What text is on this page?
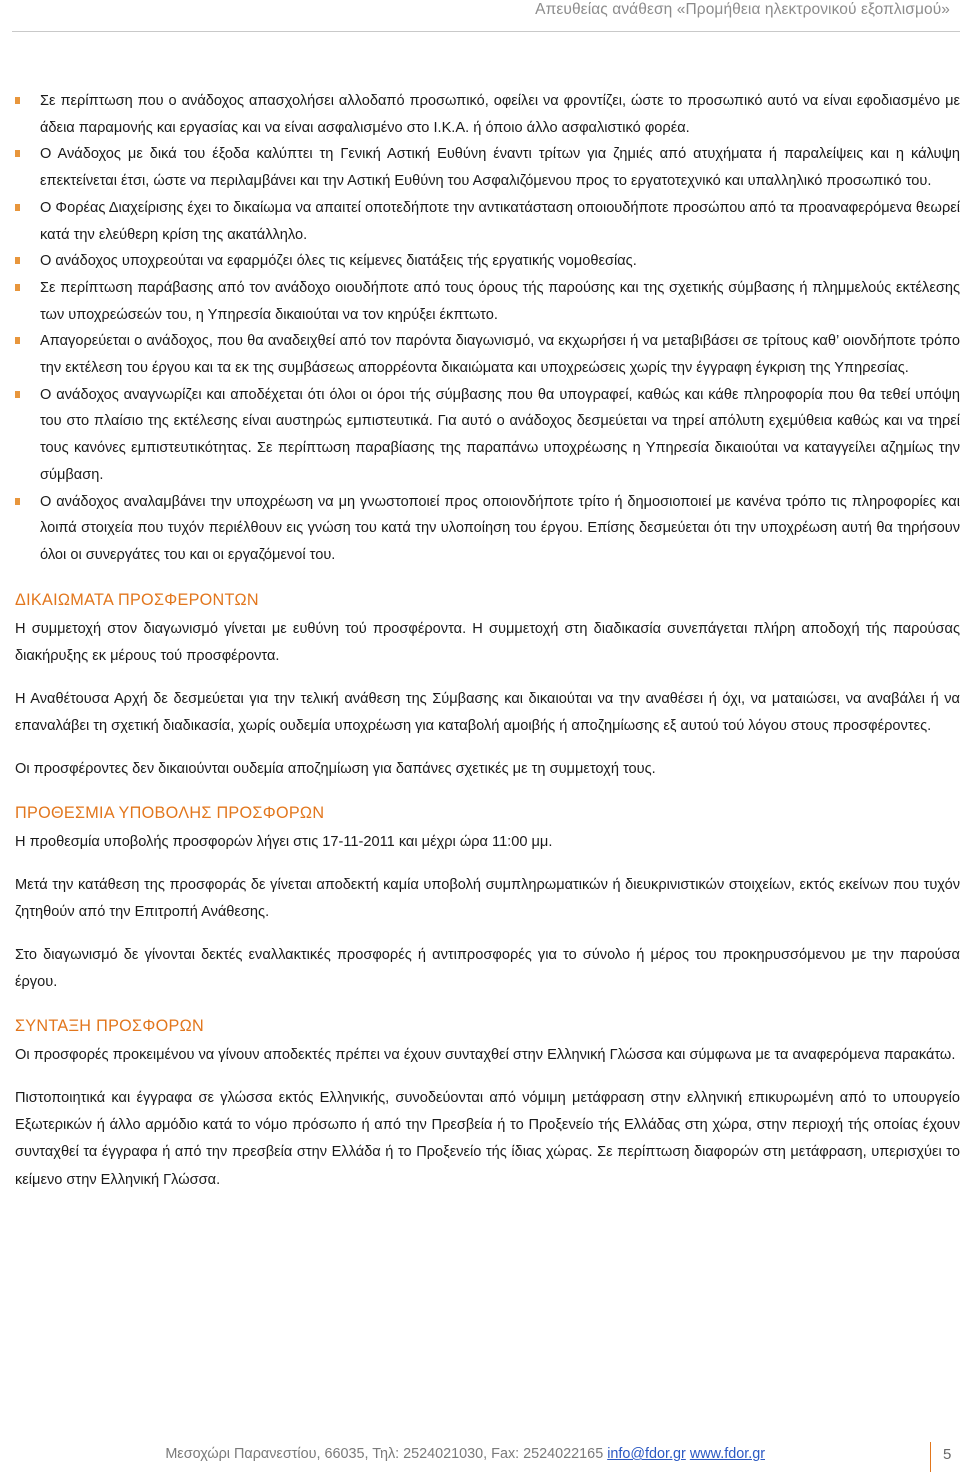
Απευθείας ανάθεση «Προμήθεια ηλεκτρονικού εξοπλισμού»
Σε περίπτωση που ο ανάδοχος απασχολήσει αλλοδαπό προσωπικό, οφείλει να φροντίζει, ώστε το προσωπικό αυτό να είναι εφοδιασμένο με άδεια παραμονής και εργασίας και να είναι ασφαλισμένο στο Ι.Κ.Α. ή όποιο άλλο ασφαλιστικό φορέα.
Ο Ανάδοχος με δικά του έξοδα καλύπτει τη Γενική Αστική Ευθύνη έναντι τρίτων για ζημιές από ατυχήματα ή παραλείψεις και η κάλυψη επεκτείνεται έτσι, ώστε να περιλαμβάνει και την Αστική Ευθύνη του Ασφαλιζόμενου προς το εργατοτεχνικό και υπαλληλικό προσωπικό του.
Ο Φορέας Διαχείρισης έχει το δικαίωμα να απαιτεί οποτεδήποτε την αντικατάσταση οποιουδήποτε προσώπου από τα προαναφερόμενα θεωρεί κατά την ελεύθερη κρίση της ακατάλληλο.
Ο ανάδοχος υποχρεούται να εφαρμόζει όλες τις κείμενες διατάξεις τής εργατικής νομοθεσίας.
Σε περίπτωση παράβασης από τον ανάδοχο οιουδήποτε από τους όρους τής παρούσης και της σχετικής σύμβασης ή πλημμελούς εκτέλεσης των υποχρεώσεών του, η Υπηρεσία δικαιούται να τον κηρύξει έκπτωτο.
Απαγορεύεται ο ανάδοχος, που θα αναδειχθεί από τον παρόντα διαγωνισμό, να εκχωρήσει ή να μεταβιβάσει σε τρίτους καθ’ οιονδήποτε τρόπο την εκτέλεση του έργου και τα εκ της συμβάσεως απορρέοντα δικαιώματα και υποχρεώσεις χωρίς την έγγραφη έγκριση της Υπηρεσίας.
Ο ανάδοχος αναγνωρίζει και αποδέχεται ότι όλοι οι όροι τής σύμβασης που θα υπογραφεί, καθώς και κάθε πληροφορία που θα τεθεί υπόψη του στο πλαίσιο της εκτέλεσης είναι αυστηρώς εμπιστευτικά. Για αυτό ο ανάδοχος δεσμεύεται να τηρεί απόλυτη εχεμύθεια καθώς και να τηρεί τους κανόνες εμπιστευτικότητας. Σε περίπτωση παραβίασης της παραπάνω υποχρέωσης η Υπηρεσία δικαιούται να καταγγείλει αζημίως την σύμβαση.
Ο ανάδοχος αναλαμβάνει την υποχρέωση να μη γνωστοποιεί προς οποιονδήποτε τρίτο ή δημοσιοποιεί με κανένα τρόπο τις πληροφορίες και λοιπά στοιχεία που τυχόν περιέλθουν εις γνώση του κατά την υλοποίηση του έργου. Επίσης δεσμεύεται ότι την υποχρέωση αυτή θα τηρήσουν όλοι οι συνεργάτες του και οι εργαζόμενοί του.
ΔΙΚΑΙΩΜΑΤΑ ΠΡΟΣΦΕΡΟΝΤΩΝ

Η συμμετοχή στον διαγωνισμό γίνεται με ευθύνη τού προσφέροντα. Η συμμετοχή στη διαδικασία συνεπάγεται πλήρη αποδοχή τής παρούσας διακήρυξης εκ μέρους τού προσφέροντα.

Η Αναθέτουσα Αρχή δε δεσμεύεται για την τελική ανάθεση της Σύμβασης και δικαιούται να την αναθέσει ή όχι, να ματαιώσει, να αναβάλει ή να επαναλάβει τη σχετική διαδικασία, χωρίς ουδεμία υποχρέωση για καταβολή αμοιβής ή αποζημίωσης εξ αυτού τού λόγου στους προσφέροντες.

Οι προσφέροντες δεν δικαιούνται ουδεμία αποζημίωση για δαπάνες σχετικές με τη συμμετοχή τους.

ΠΡΟΘΕΣΜΙΑ ΥΠΟΒΟΛΗΣ ΠΡΟΣΦΟΡΩΝ

Η προθεσμία υποβολής προσφορών λήγει στις 17-11-2011 και μέχρι ώρα 11:00 μμ.

Μετά την κατάθεση της προσφοράς δε γίνεται αποδεκτή καμία υποβολή συμπληρωματικών ή διευκρινιστικών στοιχείων, εκτός εκείνων που τυχόν ζητηθούν από την Επιτροπή Ανάθεσης.

Στο διαγωνισμό δε γίνονται δεκτές εναλλακτικές προσφορές ή αντιπροσφορές για το σύνολο ή μέρος του προκηρυσσόμενου με την παρούσα έργου.

ΣΥΝΤΑΞΗ ΠΡΟΣΦΟΡΩΝ

Οι προσφορές προκειμένου να γίνουν αποδεκτές πρέπει να έχουν συνταχθεί στην Ελληνική Γλώσσα και σύμφωνα με τα αναφερόμενα παρακάτω.

Πιστοποιητικά και έγγραφα σε γλώσσα εκτός Ελληνικής, συνοδεύονται από νόμιμη μετάφραση στην ελληνική επικυρωμένη από το υπουργείο Εξωτερικών ή άλλο αρμόδιο κατά το νόμο πρόσωπο ή από την Πρεσβεία ή το Προξενείο τής Ελλάδας στη χώρα, στην περιοχή τής οποίας έχουν συνταχθεί τα έγγραφα ή από την πρεσβεία στην Ελλάδα ή το Προξενείο τής ίδιας χώρας. Σε περίπτωση διαφορών στη μετάφραση, υπερισχύει το κείμενο στην Ελληνική Γλώσσα.

Μεσοχώρι Παρανεστίου, 66035, Τηλ: 2524021030, Fax: 2524022165 info@fdor.gr www.fdor.gr	5
